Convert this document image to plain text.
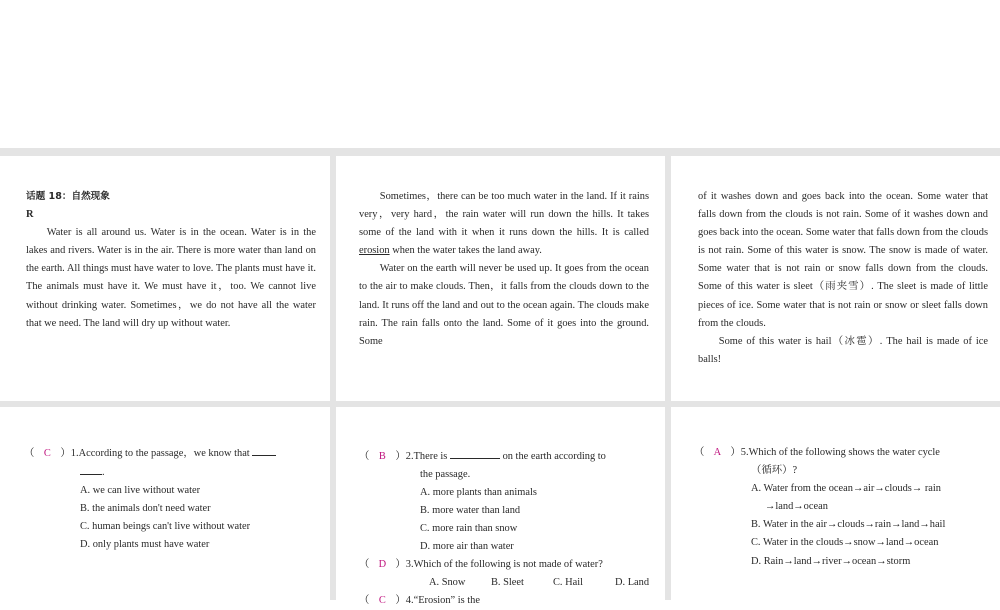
话题 18：自然现象

R

Water is all around us. Water is in the ocean. Water is in the lakes and rivers. Water is in the air. There is more water than land on the earth. All things must have water to love. The plants must have it. The animals must have it. We must have it，too. We cannot live without drinking water. Sometimes，we do not have all the water that we need. The land will dry up without water.

Sometimes，there can be too much water in the land. If it rains very，very hard，the rain water will run down the hills. It takes some of the land with it when it runs down the hills. It is called erosion when the water takes the land away.

Water on the earth will never be used up. It goes from the ocean to the air to make clouds. Then，it falls from the clouds down to the land. It runs off the land and out to the ocean again. The clouds make rain. The rain falls onto the land. Some of it goes into the ground. Some

of it washes down and goes back into the ocean. Some water that falls down from the clouds is not rain. Some of it washes down and goes back into the ocean. Some water that falls down from the clouds is not rain. Some of this water is snow. The snow is made of water. Some water that is not rain or snow falls down from the clouds. Some of this water is sleet（雨夹雪）. The sleet is made of little pieces of ice. Some water that is not rain or snow or sleet falls down from the clouds.

Some of this water is hail（冰雹）. The hail is made of ice balls!

（ C ）1.According to the passage，we know that
.
A. we can live without water
B. the animals don't need water
C. human beings can't live without water
D. only plants must have water
（ B ）2.There is	on the earth according to
the passage.
A. more plants than animals
B. more water than land
C. more rain than snow
D. more air than water
（ D ）3.Which of the following is not made of water?
A. Snow B. Sleet	C. Hail	D. Land
（ C ）4.“Erosion” is the
（ A ）5.Which of the following shows the water cycle
（循环）?
A. Water from the ocean→air→clouds→ rain
→land→ocean
B. Water in the air→clouds→rain→land→hail
C. Water in the clouds→snow→land→ocean
D. Rain→land→river→ocean→storm
